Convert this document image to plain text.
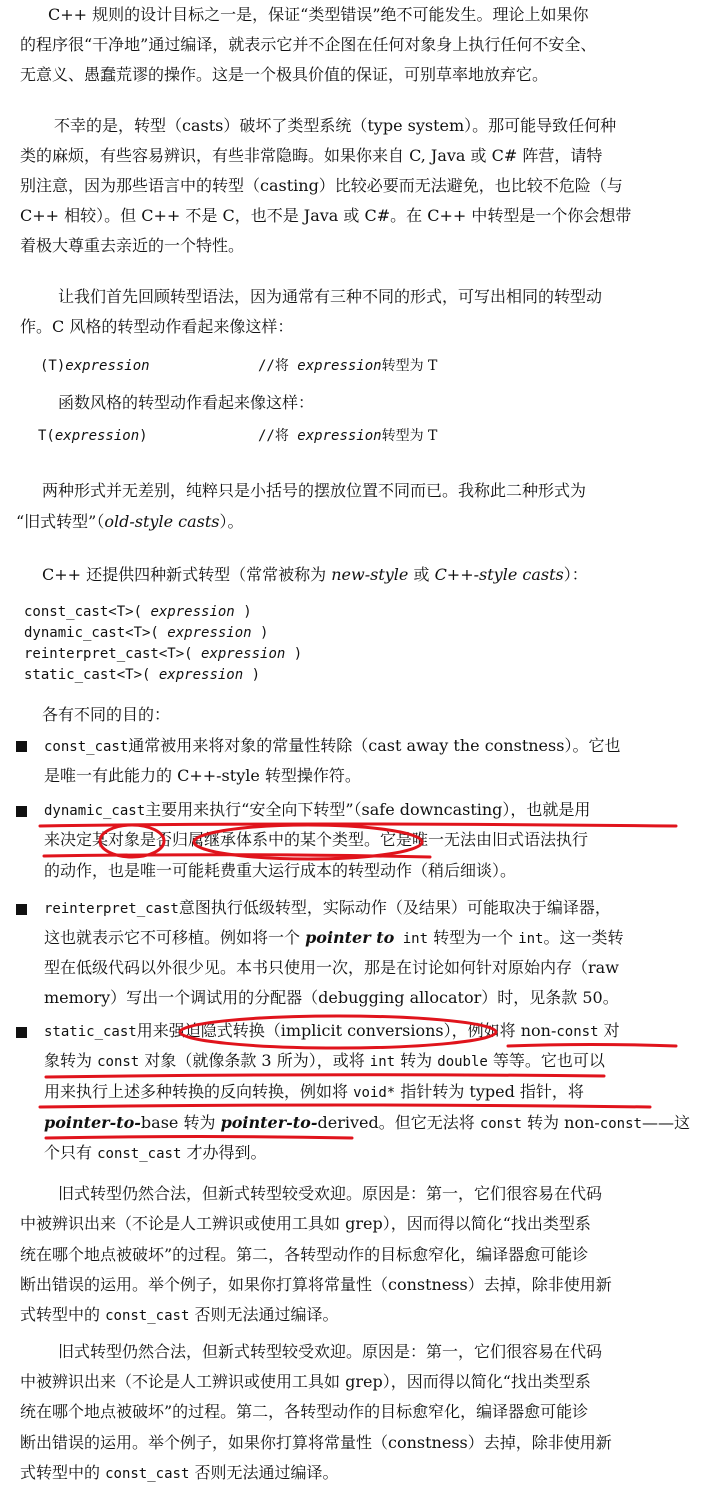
C++ 规则的设计目标之一是，保证“类型错误”绝不可能发生。理论上如果你
的程序很“干净地”通过编译，就表示它并不企图在任何对象身上执行任何不安全、
无意义、愚蠢荒谬的操作。这是一个极具价值的保证，可别草率地放弃它。
不幸的是，转型（casts）破坏了类型系统（type system）。那可能导致任何种
类的麻烦，有些容易辨识，有些非常隐晦。如果你来自 C, Java 或 C# 阵营，请特
别注意，因为那些语言中的转型（casting）比较必要而无法避免，也比较不危险（与
C++ 相较）。但 C++ 不是 C，也不是 Java 或 C#。在 C++ 中转型是一个你会想带
着极大尊重去亲近的一个特性。
让我们首先回顾转型语法，因为通常有三种不同的形式，可写出相同的转型动
作。C 风格的转型动作看起来像这样：
(T)expression	//将 expression转型为 T
函数风格的转型动作看起来像这样：
T(expression)	//将 expression转型为 T
两种形式并无差别，纯粹只是小括号的摆放位置不同而已。我称此二种形式为
“旧式转型”（old-style casts）。
C++ 还提供四种新式转型（常常被称为 new-style 或 C++-style casts）：
const_cast<T>( expression )
dynamic_cast<T>( expression )
reinterpret_cast<T>( expression )
static_cast<T>( expression )
各有不同的目的：
const_cast通常被用来将对象的常量性转除（cast away the constness）。它也
是唯一有此能力的 C++-style 转型操作符。
dynamic_cast主要用来执行“安全向下转型”（safe downcasting），也就是用
来决定某对象是否归属继承体系中的某个类型。它是唯一无法由旧式语法执行
的动作，也是唯一可能耗费重大运行成本的转型动作（稍后细谈）。
reinterpret_cast意图执行低级转型，实际动作（及结果）可能取决于编译器，
这也就表示它不可移植。例如将一个 pointer to int 转型为一个 int。这一类转
型在低级代码以外很少见。本书只使用一次，那是在讨论如何针对原始内存（raw
memory）写出一个调试用的分配器（debugging allocator）时，见条款 50。
static_cast用来强迫隐式转换（implicit conversions），例如将 non-const 对
象转为 const 对象（就像条款 3 所为），或将 int 转为 double 等等。它也可以
用来执行上述多种转换的反向转换，例如将 void* 指针转为 typed 指针，将
pointer-to-base 转为 pointer-to-derived。但它无法将 const 转为 non-const——这
个只有 const_cast 才办得到。
旧式转型仍然合法，但新式转型较受欢迎。原因是：第一，它们很容易在代码
中被辨识出来（不论是人工辨识或使用工具如 grep），因而得以简化“找出类型系
统在哪个地点被破坏”的过程。第二，各转型动作的目标愈窄化，编译器愈可能诊
断出错误的运用。举个例子，如果你打算将常量性（constness）去掉，除非使用新
式转型中的 const_cast 否则无法通过编译。
旧式转型仍然合法，但新式转型较受欢迎。原因是：第一，它们很容易在代码
中被辨识出来（不论是人工辨识或使用工具如 grep），因而得以简化“找出类型系
统在哪个地点被破坏”的过程。第二，各转型动作的目标愈窄化，编译器愈可能诊
断出错误的运用。举个例子，如果你打算将常量性（constness）去掉，除非使用新
式转型中的 const_cast 否则无法通过编译。
